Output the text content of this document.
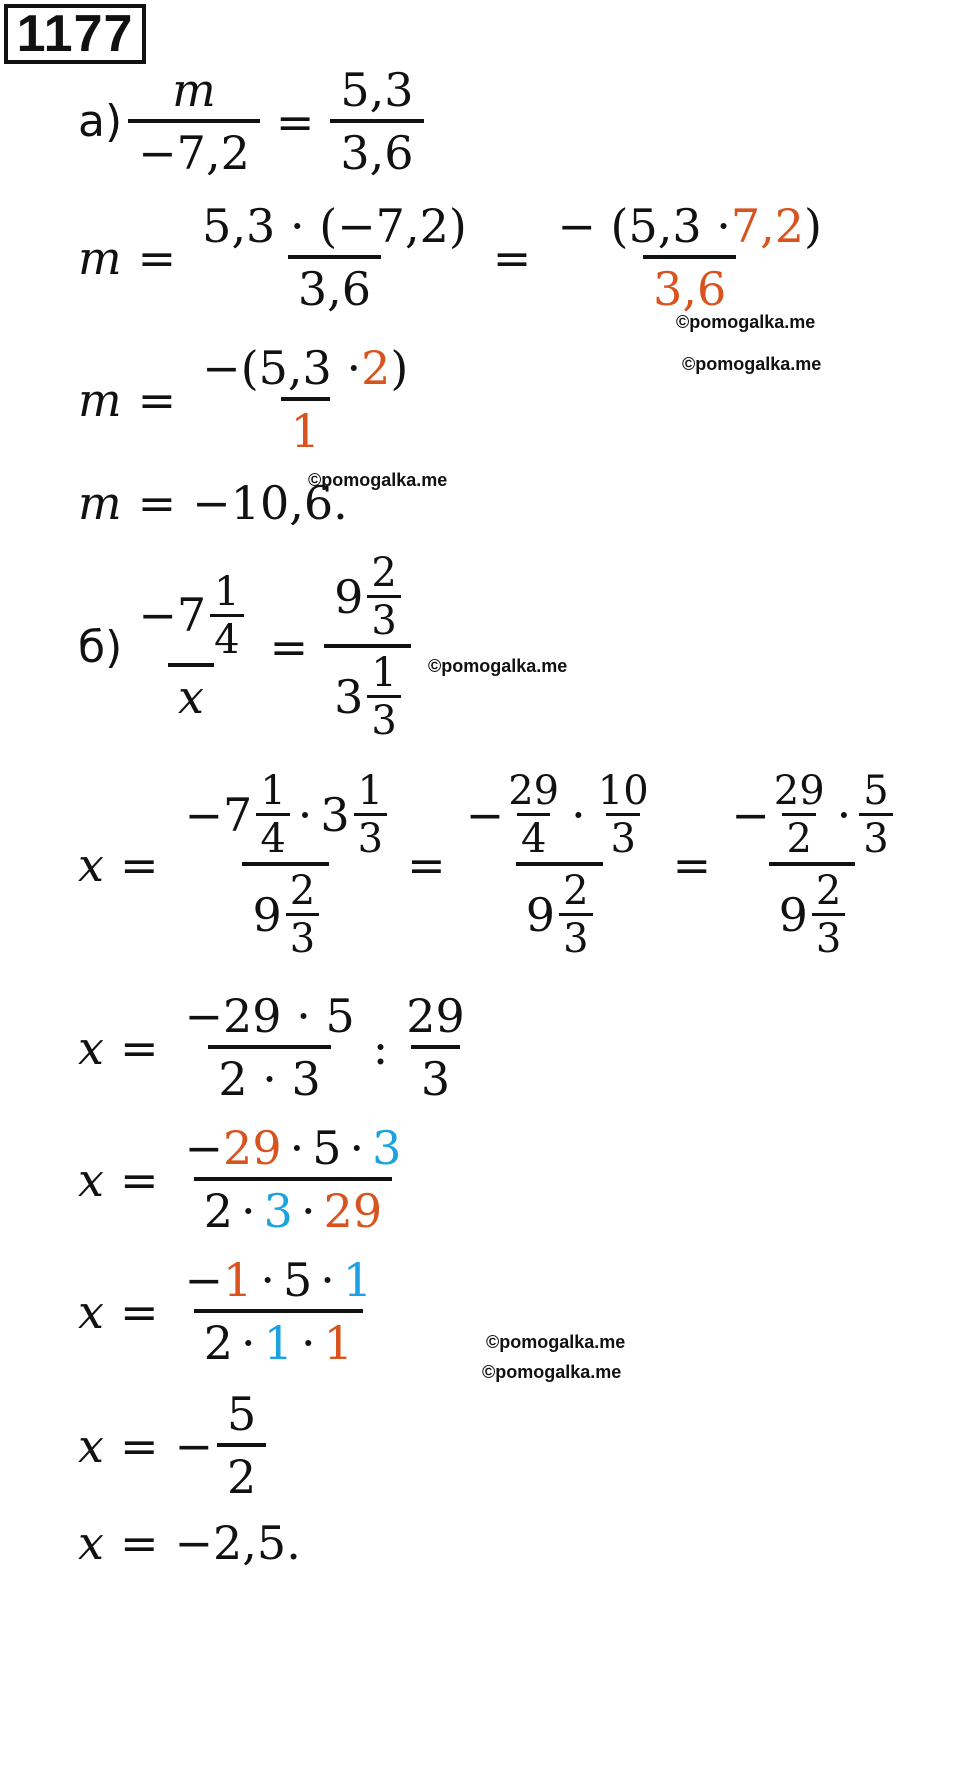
1177
$а) \frac{m}{-7,2} = \frac{5,3}{3,6}$
$m = \frac{5,3 \cdot (-7,2)}{3,6} = \frac{- (5,3 \cdot 7,2 )}{3,6}$
$m = \frac{-(5,3 \cdot 2 )}{1}$
m = −10,6.
$б) \frac{-7 \frac{1}{4}}{x} = \frac{9 \frac{2}{3}}{3 \frac{1}{3}}$
x =
$-7 \frac{1}{4} \cdot 3 \frac{1}{3}$
$9 \frac{2}{3}$
=
− $\frac{29}{4} \cdot \frac{10}{3}$
$9 \frac{2}{3}$
=
− $\frac{29}{2} \cdot \frac{5}{3}$
$9 \frac{2}{3}$
$x = \frac{-29 \cdot 5}{2 \cdot 3}$ : $\frac{29}{3}$
$x = \frac{- 29 \cdot 5 \cdot 3}{2 \cdot 3 \cdot 29}$
$x = \frac{- 1 \cdot 5 \cdot 1}{2 \cdot 1 \cdot 1}$
x = − $\frac{5}{2}$
x = −2,5.
©pomogalka.me
©pomogalka.me
©pomogalka.me
©pomogalka.me
©pomogalka.me
©pomogalka.me
